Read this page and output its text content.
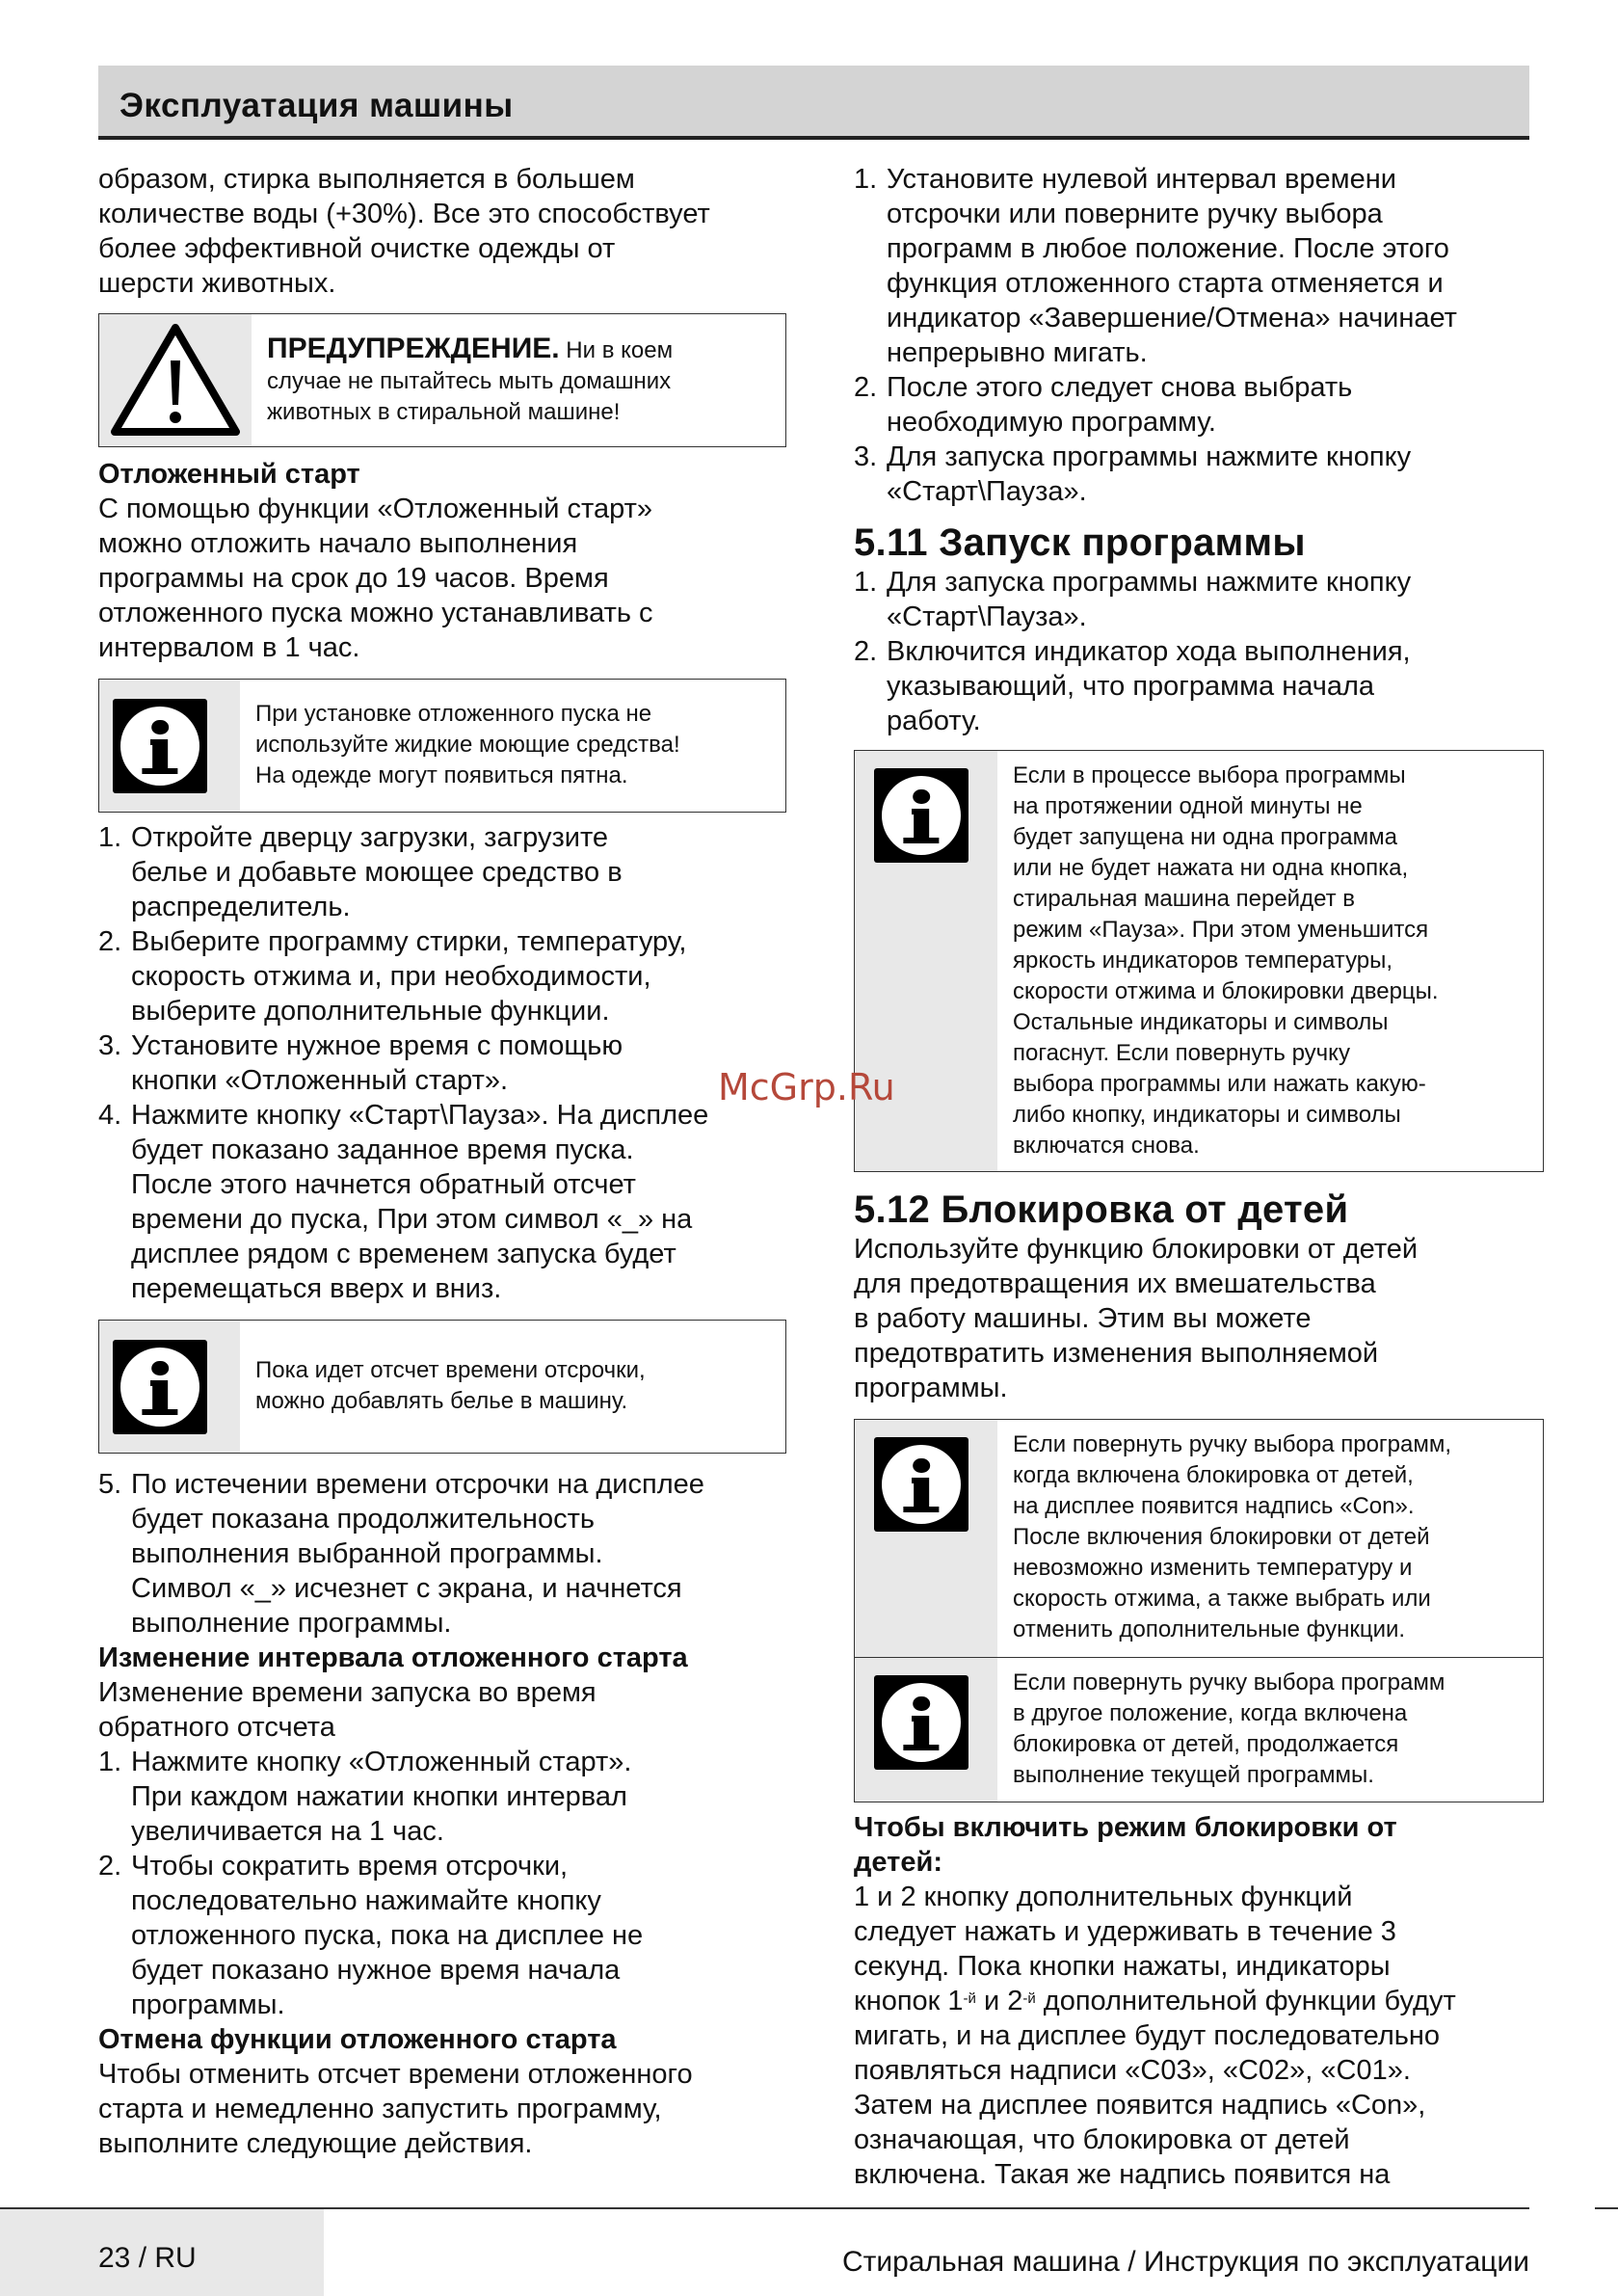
Эксплуатация машины

образом, стирка выполняется в большем
количестве воды (+30%). Все это способствует
более эффективной очистке одежды от
шерсти животных.

ПРЕДУПРЕЖДЕНИЕ. Ни в коем
случае не пытайтесь мыть домашних
животных в стиральной машине!

Отложенный старт

С помощью функции «Отложенный старт»
можно отложить начало выполнения
программы на срок до 19 часов. Время
отложенного пуска можно устанавливать с
интервалом в 1 час.

При установке отложенного пуска не
используйте жидкие моющие средства!
На одежде могут появиться пятна.
1. Откройте дверцу загрузки, загрузите
белье и добавьте моющее средство в
распределитель.
2. Выберите программу стирки, температуру,
скорость отжима и, при необходимости,
выберите дополнительные функции.
3. Установите нужное время с помощью
кнопки «Отложенный старт».
4. Нажмите кнопку «Старт\Пауза». На дисплее
будет показано заданное время пуска.
После этого начнется обратный отсчет
времени до пуска, При этом символ «_» на
дисплее рядом с временем запуска будет
перемещаться вверх и вниз.
Пока идет отсчет времени отсрочки,
можно добавлять белье в машину.
5. По истечении времени отсрочки на дисплее
будет показана продолжительность
выполнения выбранной программы.
Символ «_» исчезнет с экрана, и начнется
выполнение программы.

Изменение интервала отложенного старта

Изменение времени запуска во время
обратного отсчета

1. Нажмите кнопку «Отложенный старт».
При каждом нажатии кнопки интервал
увеличивается на 1 час.
2. Чтобы сократить время отсрочки,
последовательно нажимайте кнопку
отложенного пуска, пока на дисплее не
будет показано нужное время начала
программы.

Отмена функции отложенного старта

Чтобы отменить отсчет времени отложенного
старта и немедленно запустить программу,
выполните следующие действия.

1. Установите нулевой интервал времени
отсрочки или поверните ручку выбора
программ в любое положение. После этого
функция отложенного старта отменяется и
индикатор «Завершение/Отмена» начинает
непрерывно мигать.
2. После этого следует снова выбрать
необходимую программу.
3. Для запуска программы нажмите кнопку
«Старт\Пауза».

5.11 Запуск программы

1. Для запуска программы нажмите кнопку
«Старт\Пауза».
2. Включится индикатор хода выполнения,
указывающий, что программа начала
работу.
Если в процессе выбора программы
на протяжении одной минуты не
будет запущена ни одна программа
или не будет нажата ни одна кнопка,
стиральная машина перейдет в
режим «Пауза». При этом уменьшится
яркость индикаторов температуры,
скорости отжима и блокировки дверцы.
Остальные индикаторы и символы
погаснут. Если повернуть ручку
выбора программы или нажать какую-
либо кнопку, индикаторы и символы
включатся снова.

5.12 Блокировка от детей

Используйте функцию блокировки от детей
для предотвращения их вмешательства
в работу машины. Этим вы можете
предотвратить изменения выполняемой
программы.

Если повернуть ручку выбора программ,
когда включена блокировка от детей,
на дисплее появится надпись «Con».
После включения блокировки от детей
невозможно изменить температуру и
скорость отжима, а также выбрать или
отменить дополнительные функции.
Если повернуть ручку выбора программ
в другое положение, когда включена
блокировка от детей, продолжается
выполнение текущей программы.

Чтобы включить режим блокировки от
детей:

1 и 2 кнопку дополнительных функций
следует нажать и удерживать в течение 3
секунд. Пока кнопки нажаты, индикаторы
кнопок $1^{-й}$ и $2^{-й}$ дополнительной функции будут
мигать, и на дисплее будут последовательно
появляться надписи «C03», «C02», «C01».
Затем на дисплее появится надпись «Con»,
означающая, что блокировка от детей
включена. Такая же надпись появится на

McGrp.Ru
23 / RU	Стиральная машина / Инструкция по эксплуатации
